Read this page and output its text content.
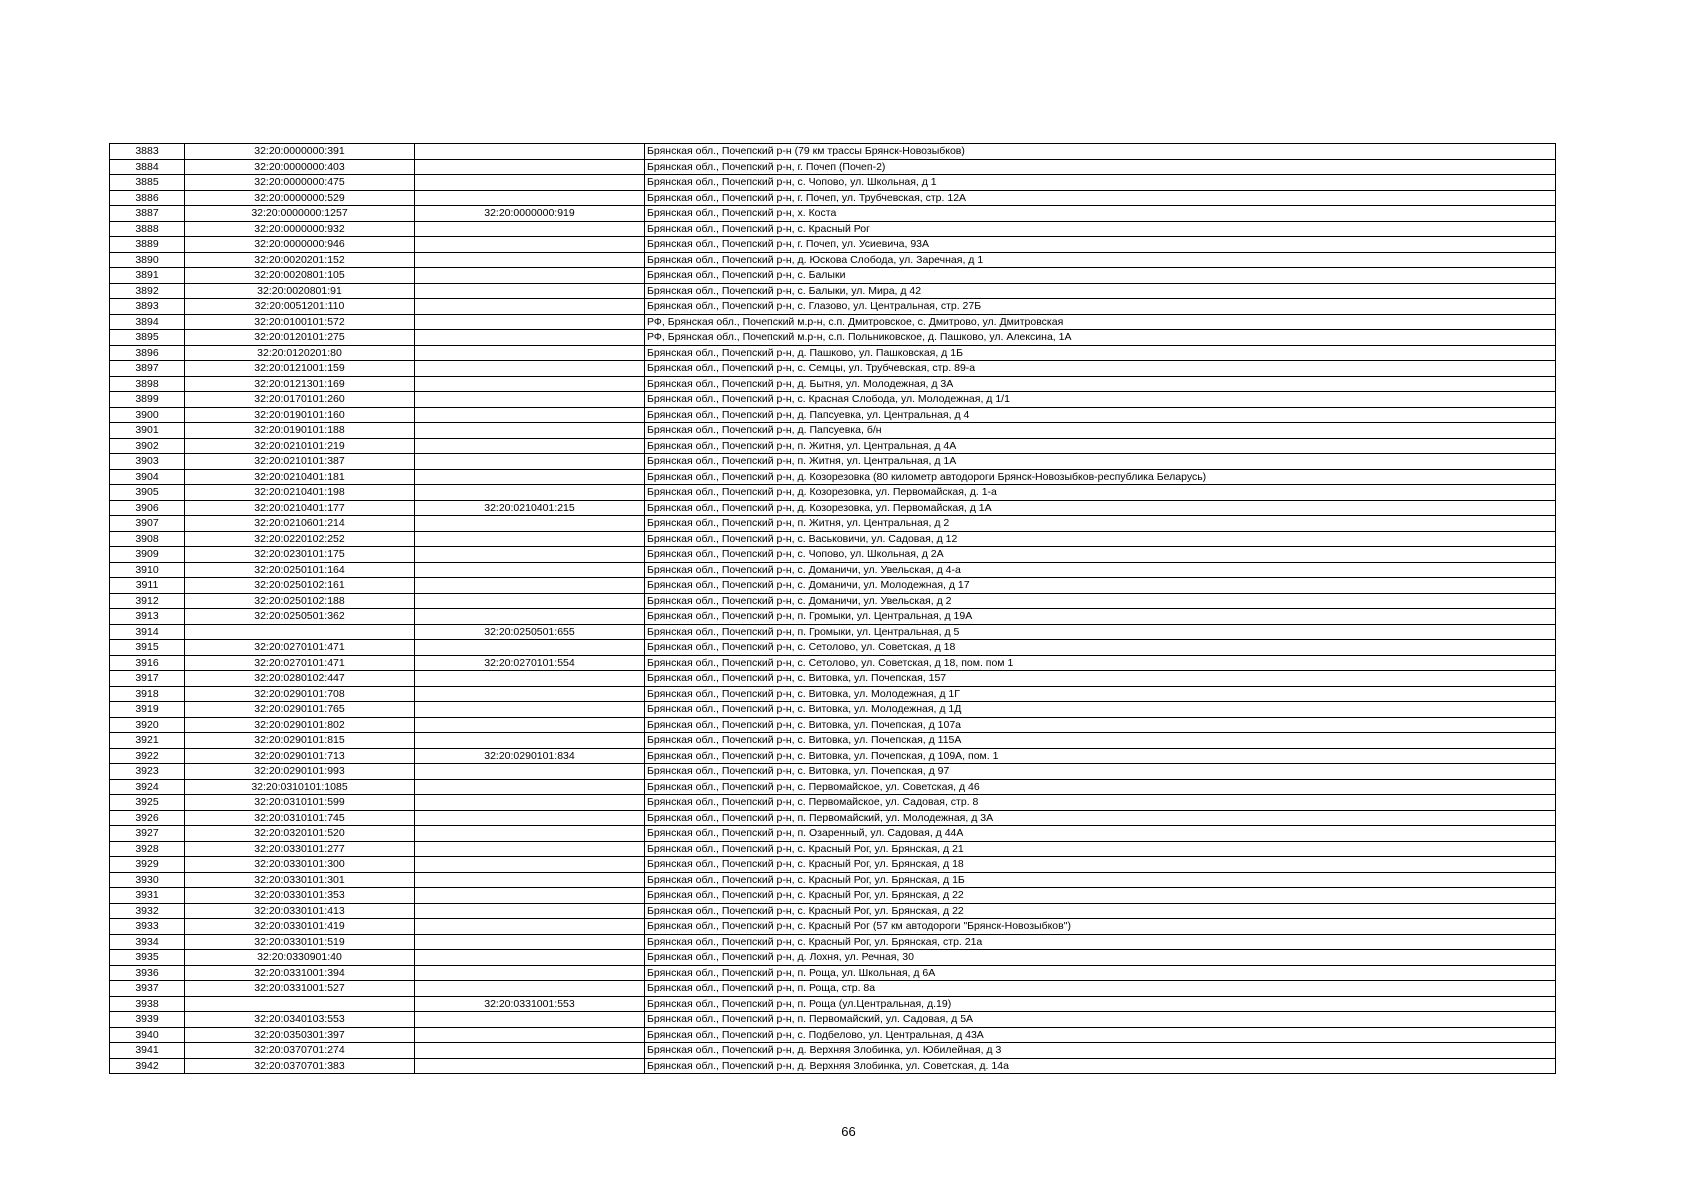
3883	32:20:0000000:391		Брянская обл., Почепский р-н (79 км трассы Брянск-Новозыбков)
3884	32:20:0000000:403		Брянская обл., Почепский р-н, г. Почеп (Почеп-2)
3885	32:20:0000000:475		Брянская обл., Почепский р-н, с. Чопово, ул. Школьная, д 1
3886	32:20:0000000:529		Брянская обл., Почепский р-н, г. Почеп, ул. Трубчевская, стр. 12А
3887	32:20:0000000:1257	32:20:0000000:919	Брянская обл., Почепский р-н, х. Коста
3888	32:20:0000000:932		Брянская обл., Почепский р-н, с. Красный Рог
3889	32:20:0000000:946		Брянская обл., Почепский р-н, г. Почеп, ул. Усиевича, 93А
3890	32:20:0020201:152		Брянская обл., Почепский р-н, д. Юскова Слобода, ул. Заречная, д 1
3891	32:20:0020801:105		Брянская обл., Почепский р-н, с. Балыки
3892	32:20:0020801:91		Брянская обл., Почепский р-н, с. Балыки, ул. Мира, д 42
3893	32:20:0051201:110		Брянская обл., Почепский р-н, с. Глазово, ул. Центральная, стр. 27Б
3894	32:20:0100101:572		РФ, Брянская обл., Почепский м.р-н, с.п. Дмитровское, с. Дмитрово, ул. Дмитровская
3895	32:20:0120101:275		РФ, Брянская обл., Почепский м.р-н, с.п. Польниковское, д. Пашково, ул. Алексина, 1А
3896	32:20:0120201:80		Брянская обл., Почепский р-н, д. Пашково, ул. Пашковская, д 1Б
3897	32:20:0121001:159		Брянская обл., Почепский р-н, с. Семцы, ул. Трубчевская, стр. 89-а
3898	32:20:0121301:169		Брянская обл., Почепский р-н, д. Бытня, ул. Молодежная, д 3А
3899	32:20:0170101:260		Брянская обл., Почепский р-н, с. Красная Слобода, ул. Молодежная, д 1/1
3900	32:20:0190101:160		Брянская обл., Почепский р-н, д. Папсуевка, ул. Центральная, д 4
3901	32:20:0190101:188		Брянская обл., Почепский р-н, д. Папсуевка, б/н
3902	32:20:0210101:219		Брянская обл., Почепский р-н, п. Житня, ул. Центральная, д 4А
3903	32:20:0210101:387		Брянская обл., Почепский р-н, п. Житня, ул. Центральная, д 1А
3904	32:20:0210401:181		Брянская обл., Почепский р-н, д. Козорезовка (80 километр автодороги Брянск-Новозыбков-республика Беларусь)
3905	32:20:0210401:198		Брянская обл., Почепский р-н, д. Козорезовка, ул. Первомайская, д. 1-а
3906	32:20:0210401:177	32:20:0210401:215	Брянская обл., Почепский р-н, д. Козорезовка, ул. Первомайская, д 1А
3907	32:20:0210601:214		Брянская обл., Почепский р-н, п. Житня, ул. Центральная, д 2
3908	32:20:0220102:252		Брянская обл., Почепский р-н, с. Васьковичи, ул. Садовая, д 12
3909	32:20:0230101:175		Брянская обл., Почепский р-н, с. Чопово, ул. Школьная, д 2А
3910	32:20:0250101:164		Брянская обл., Почепский р-н, с. Доманичи, ул. Увельская, д 4-а
3911	32:20:0250102:161		Брянская обл., Почепский р-н, с. Доманичи, ул. Молодежная, д 17
3912	32:20:0250102:188		Брянская обл., Почепский р-н, с. Доманичи, ул. Увельская, д 2
3913	32:20:0250501:362		Брянская обл., Почепский р-н, п. Громыки, ул. Центральная, д 19А
3914		32:20:0250501:655	Брянская обл., Почепский р-н, п. Громыки, ул. Центральная, д 5
3915	32:20:0270101:471		Брянская обл., Почепский р-н, с. Сетолово, ул. Советская, д 18
3916	32:20:0270101:471	32:20:0270101:554	Брянская обл., Почепский р-н, с. Сетолово, ул. Советская, д 18, пом. пом 1
3917	32:20:0280102:447		Брянская обл., Почепский р-н, с. Витовка, ул. Почепская, 157
3918	32:20:0290101:708		Брянская обл., Почепский р-н, с. Витовка, ул. Молодежная, д 1Г
3919	32:20:0290101:765		Брянская обл., Почепский р-н, с. Витовка, ул. Молодежная, д 1Д
3920	32:20:0290101:802		Брянская обл., Почепский р-н, с. Витовка, ул. Почепская, д 107а
3921	32:20:0290101:815		Брянская обл., Почепский р-н, с. Витовка, ул. Почепская, д 115А
3922	32:20:0290101:713	32:20:0290101:834	Брянская обл., Почепский р-н, с. Витовка, ул. Почепская, д 109А, пом. 1
3923	32:20:0290101:993		Брянская обл., Почепский р-н, с. Витовка, ул. Почепская, д 97
3924	32:20:0310101:1085		Брянская обл., Почепский р-н, с. Первомайское, ул. Советская, д 46
3925	32:20:0310101:599		Брянская обл., Почепский р-н, с. Первомайское, ул. Садовая, стр. 8
3926	32:20:0310101:745		Брянская обл., Почепский р-н, п. Первомайский, ул. Молодежная, д 3А
3927	32:20:0320101:520		Брянская обл., Почепский р-н, п. Озаренный, ул. Садовая, д 44А
3928	32:20:0330101:277		Брянская обл., Почепский р-н, с. Красный Рог, ул. Брянская, д 21
3929	32:20:0330101:300		Брянская обл., Почепский р-н, с. Красный Рог, ул. Брянская, д 18
3930	32:20:0330101:301		Брянская обл., Почепский р-н, с. Красный Рог, ул. Брянская, д 1Б
3931	32:20:0330101:353		Брянская обл., Почепский р-н, с. Красный Рог, ул. Брянская, д 22
3932	32:20:0330101:413		Брянская обл., Почепский р-н, с. Красный Рог, ул. Брянская, д 22
3933	32:20:0330101:419		Брянская обл., Почепский р-н, с. Красный Рог (57 км автодороги "Брянск-Новозыбков")
3934	32:20:0330101:519		Брянская обл., Почепский р-н, с. Красный Рог, ул. Брянская, стр. 21а
3935	32:20:0330901:40		Брянская обл., Почепский р-н, д. Лохня, ул. Речная, 30
3936	32:20:0331001:394		Брянская обл., Почепский р-н, п. Роща, ул. Школьная, д 6А
3937	32:20:0331001:527		Брянская обл., Почепский р-н, п. Роща, стр. 8а
3938		32:20:0331001:553	Брянская обл., Почепский р-н, п. Роща (ул.Центральная, д.19)
3939	32:20:0340103:553		Брянская обл., Почепский р-н, п. Первомайский, ул. Садовая, д 5А
3940	32:20:0350301:397		Брянская обл., Почепский р-н, с. Подбелово, ул. Центральная, д 43А
3941	32:20:0370701:274		Брянская обл., Почепский р-н, д. Верхняя Злобинка, ул. Юбилейная, д 3
3942	32:20:0370701:383		Брянская обл., Почепский р-н, д. Верхняя Злобинка, ул. Советская, д. 14а
66
